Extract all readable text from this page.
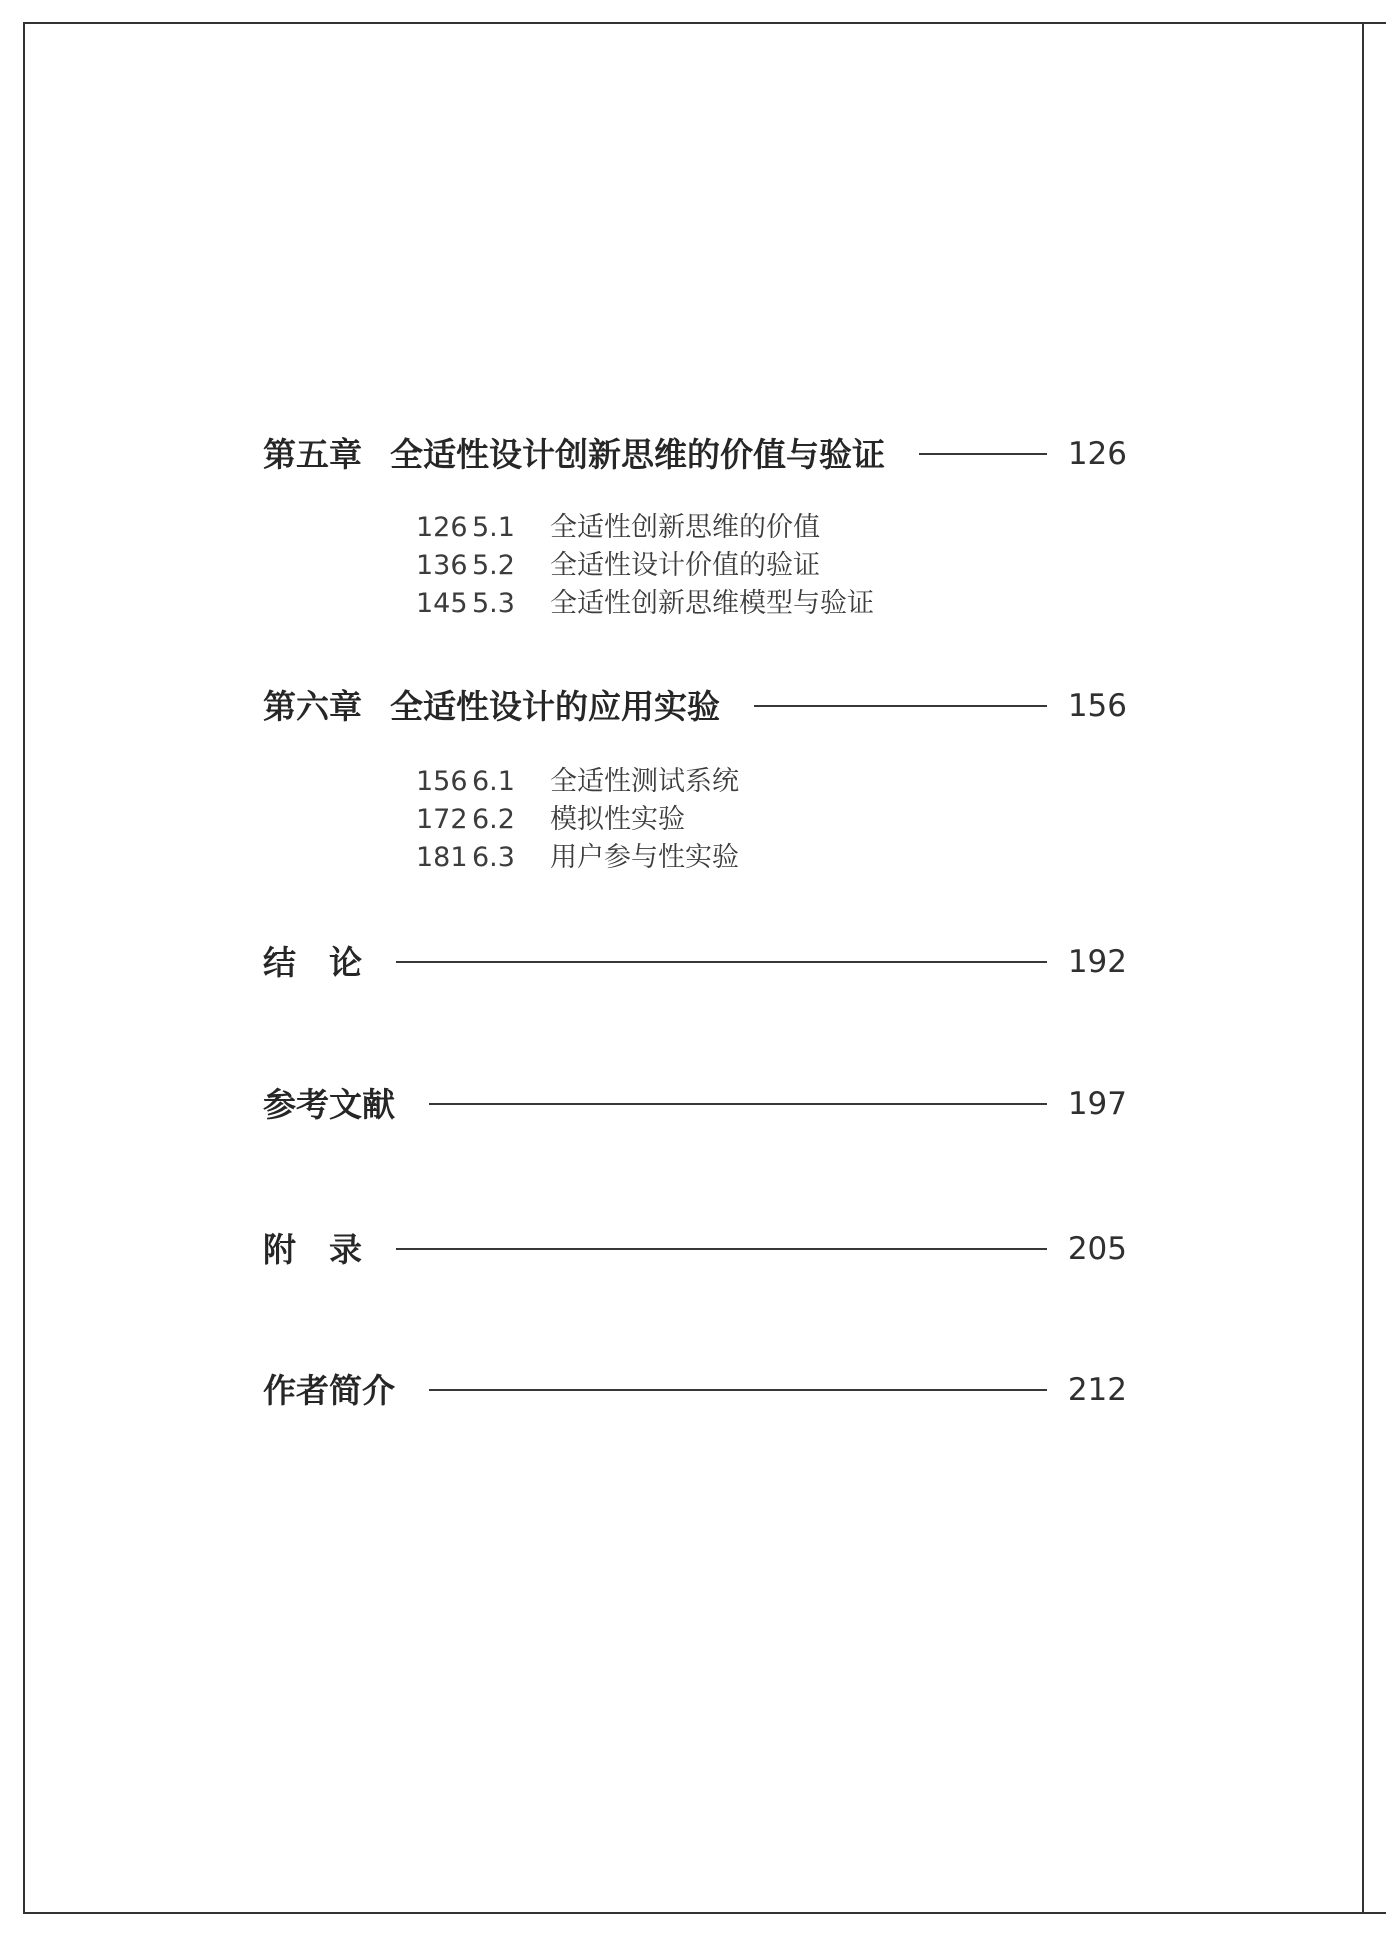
第五章 全适性设计创新思维的价值与验证	126
126 5.1	全适性创新思维的价值
136 5.2	全适性设计价值的验证
145 5.3	全适性创新思维模型与验证
第六章 全适性设计的应用实验	156
156 6.1	全适性测试系统
172 6.2	模拟性实验
181 6.3	用户参与性实验
结　论	192
参考文献	197
附　录	205
作者简介	212
